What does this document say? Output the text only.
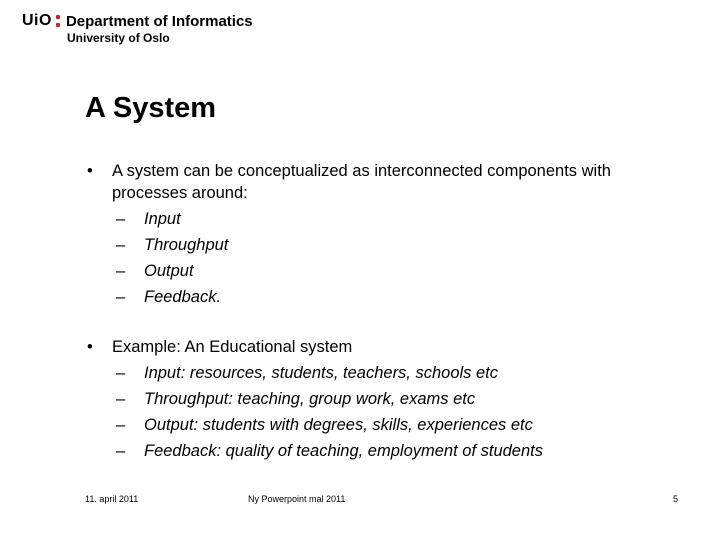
UiO Department of Informatics
University of Oslo
A System
• A system can be conceptualized as interconnected components with processes around:
– Input
– Throughput
– Output
– Feedback.
• Example: An Educational system
– Input: resources, students, teachers, schools etc
– Throughput: teaching, group work, exams etc
– Output: students with degrees, skills, experiences etc
– Feedback: quality of teaching, employment of students
11. april 2011	Ny Powerpoint mal 2011	5
